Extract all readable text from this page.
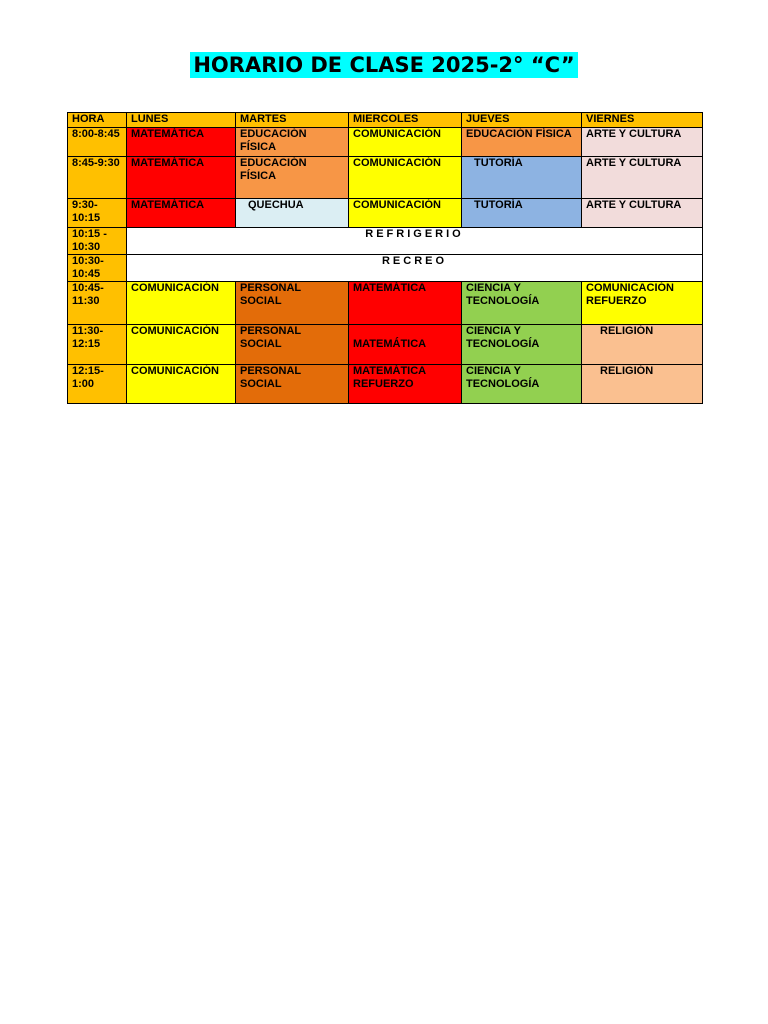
HORARIO DE CLASE 2025-2° “C”
HORA	LUNES	MARTES	MIERCOLES	JUEVES	VIERNES
8:00-8:45	MATEMÁTICA	EDUCACIÓN FÍSICA	COMUNICACIÓN	EDUCACIÓN FÍSICA	ARTE Y CULTURA
8:45-9:30	MATEMÁTICA	EDUCACIÓN FÍSICA	COMUNICACIÓN	TUTORÍA	ARTE Y CULTURA
9:30- 10:15	MATEMÁTICA	QUECHUA	COMUNICACIÓN	TUTORÍA	ARTE Y CULTURA
10:15 - 10:30	REFRIGERIO				
10:30- 10:45	RECREO				
10:45- 11:30	COMUNICACIÓN	PERSONAL SOCIAL	MATEMÁTICA	CIENCIA Y TECNOLOGÍA	COMUNICACIÓN REFUERZO
11:30- 12:15	COMUNICACIÓN	PERSONAL SOCIAL	MATEMÁTICA	CIENCIA Y TECNOLOGÍA	RELIGIÓN
12:15- 1:00	COMUNICACIÓN	PERSONAL SOCIAL	MATEMÁTICA REFUERZO	CIENCIA Y TECNOLOGÍA	RELIGIÓN
